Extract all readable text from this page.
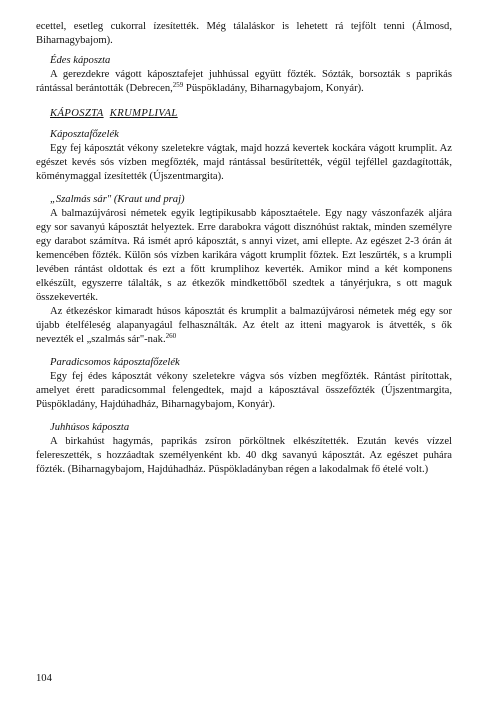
ecettel, esetleg cukorral ízesítették. Még tálaláskor is lehetett rá tejfölt tenni (Álmosd, Biharnagybajom).

Édes káposzta

A gerezdekre vágott káposztafejet juhhússal együtt főzték. Sózták, borsozták s paprikás rántással berántották (Debrecen,$^{259}$ Püspökladány, Biharnagybajom, Konyár).

KÁPOSZTA KRUMPLIVAL

Káposztafőzelék

Egy fej káposztát vékony szeletekre vágtak, majd hozzá kevertek kockára vágott krumplit. Az egészet kevés sós vízben megfőzték, majd rántással besűrítették, végül tejféllel gazdagították, köménymaggal ízesítették (Újszentmargita).

„Szalmás sár" (Kraut und praj)

A balmazújvárosi németek egyik legtipikusabb káposztaétele. Egy nagy vászonfazék aljára egy sor savanyú káposztát helyeztek. Erre darabokra vágott disznóhúst raktak, minden személyre egy darabot számítva. Rá ismét apró káposztát, s annyi vizet, ami ellepte. Az egészet 2-3 órán át kemencében főzték. Külön sós vízben karikára vágott krumplit főztek. Ezt leszűrték, s a krumpli levében rántást oldottak és ezt a főtt krumplihoz keverték. Amikor mind a két komponens elkészült, egyszerre tálalták, s az étkezők mindkettőből szedtek a tányérjukra, s ott maguk összekeverték.

Az étkezéskor kimaradt húsos káposztát és krumplit a balmazújvárosi németek még egy sor újabb ételféleség alapanyagául felhasználták. Az ételt az itteni magyarok is átvették, s ők nevezték el „szalmás sár"-nak.$^{260}$

Paradicsomos káposztafőzelék

Egy fej édes káposztát vékony szeletekre vágva sós vízben megfőzték. Rántást pirítottak, amelyet érett paradicsommal felengedtek, majd a káposztával összefőzték (Újszentmargita, Püspökladány, Hajdúhadház, Biharnagybajom, Konyár).

Juhhúsos káposzta

A birkahúst hagymás, paprikás zsíron pörköltnek elkészítették. Ezután kevés vízzel felereszették, s hozzáadtak személyenként kb. 40 dkg savanyú káposztát. Az egészet puhára főzték. (Biharnagybajom, Hajdúhadház. Püspökladányban régen a lakodalmak fő ételé volt.)

104
